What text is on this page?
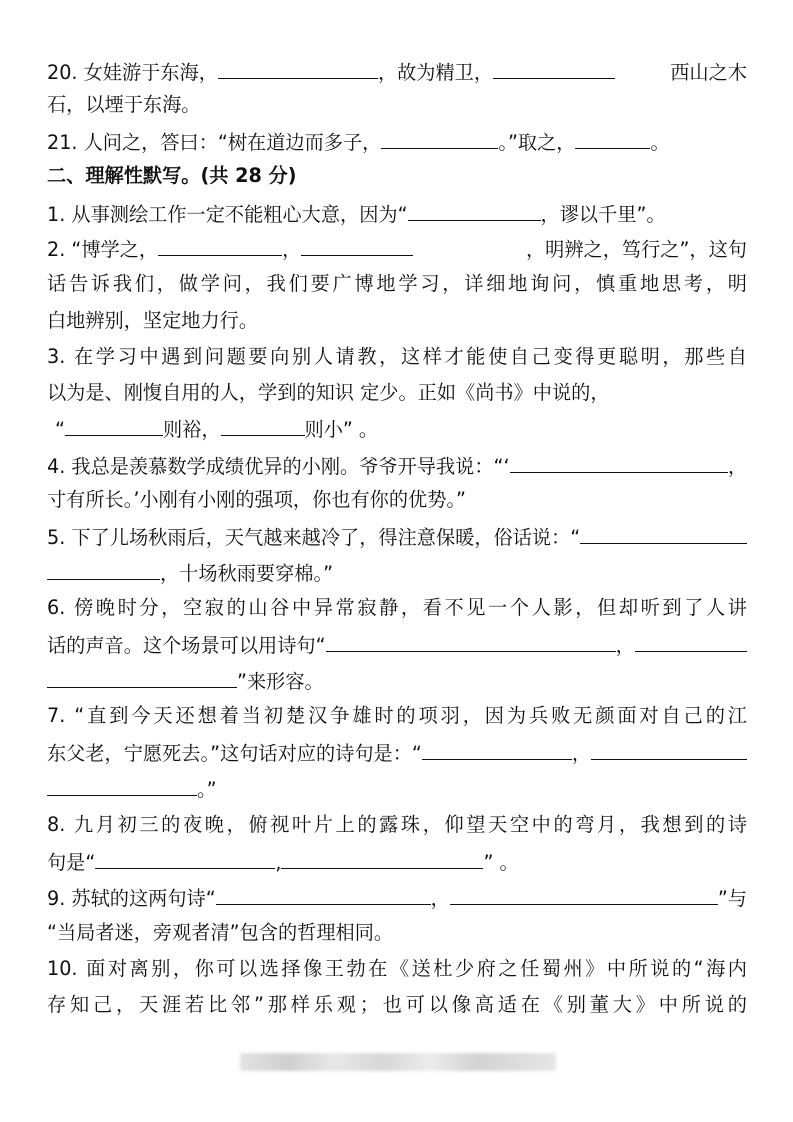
20. 女娃游于东海，	，故为精卫，	西山之木
石，以堙于东海。
21. 人问之，答曰：“树在道边而多子，	。”取之，	。
二、理解性默写。(共 28 分)
1. 从事测绘工作一定不能粗心大意，因为“	，谬以千里”。
2. “博学之，	，	，明辨之，笃行之”，这句
话告诉我们，做学问，我们要广博地学习，详细地询问，慎重地思考，明
白地辨别，坚定地力行。
3. 在学习中遇到问题要向别人请教，这样才能使自己变得更聪明，那些自
以为是、刚愎自用的人，学到的知识 定少。正如《尚书》中说的，
“	则裕，	则小” 。
4. 我总是羡慕数学成绩优异的小刚。爷爷开导我说：“‘	，
寸有所长。’小刚有小刚的强项，你也有你的优势。”
5. 下了儿场秋雨后，天气越来越冷了，得注意保暖，俗话说：“
，十场秋雨要穿棉。”
6. 傍晚时分，空寂的山谷中异常寂静，看不见一个人影，但却听到了人讲
话的声音。这个场景可以用诗句“	，
”来形容。
7. “直到今天还想着当初楚汉争雄时的项羽，因为兵败无颜面对自己的江
东父老，宁愿死去。”这句话对应的诗句是：“	，
。”
8. 九月初三的夜晚，俯视叶片上的露珠，仰望天空中的弯月，我想到的诗
句是“	,	” 。
9. 苏轼的这两句诗“	，	”与
“当局者迷，旁观者清”包含的哲理相同。
10. 面对离别，你可以选择像王勃在《送杜少府之任蜀州》中所说的“海内
存知己，天涯若比邻”那样乐观；也可以像高适在《别董大》中所说的
